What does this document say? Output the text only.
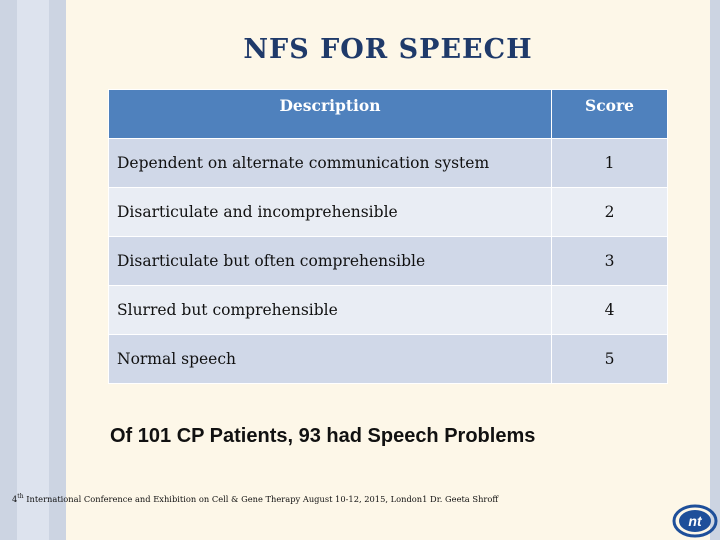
NFS FOR SPEECH
Description	Score
Dependent on alternate communication system	1
Disarticulate and incomprehensible	2
Disarticulate but often comprehensible	3
Slurred but comprehensible	4
Normal speech	5
Of 101 CP Patients, 93 had Speech Problems
4th International Conference and Exhibition on Cell & Gene Therapy August 10-12, 2015, London1 Dr. Geeta Shroff
nt
